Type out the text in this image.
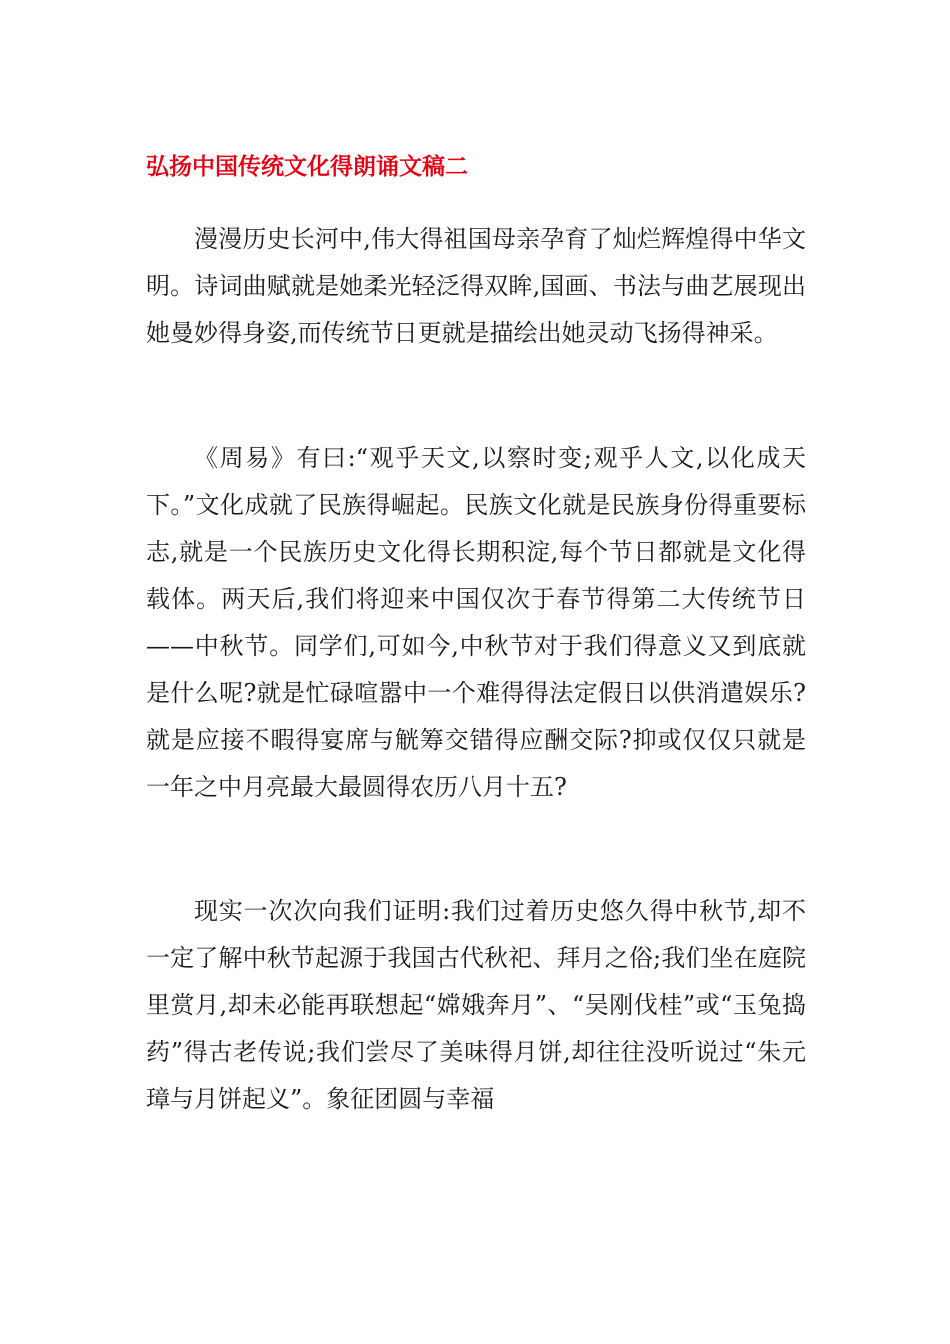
弘扬中国传统文化得朗诵文稿二

漫漫历史长河中,伟大得祖国母亲孕育了灿烂辉煌得中华文明。诗词曲赋就是她柔光轻泛得双眸,国画、书法与曲艺展现出她曼妙得身姿,而传统节日更就是描绘出她灵动飞扬得神采。

《周易》有曰:“观乎天文,以察时变;观乎人文,以化成天下。”文化成就了民族得崛起。民族文化就是民族身份得重要标志,就是一个民族历史文化得长期积淀,每个节日都就是文化得载体。两天后,我们将迎来中国仅次于春节得第二大传统节日——中秋节。同学们,可如今,中秋节对于我们得意义又到底就是什么呢?就是忙碌喧嚣中一个难得得法定假日以供消遣娱乐?就是应接不暇得宴席与觥筹交错得应酬交际?抑或仅仅只就是一年之中月亮最大最圆得农历八月十五?

现实一次次向我们证明:我们过着历史悠久得中秋节,却不一定了解中秋节起源于我国古代秋祀、拜月之俗;我们坐在庭院里赏月,却未必能再联想起“嫦娥奔月”、“吴刚伐桂”或“玉兔捣药”得古老传说;我们尝尽了美味得月饼,却往往没听说过“朱元璋与月饼起义”。象征团圆与幸福
